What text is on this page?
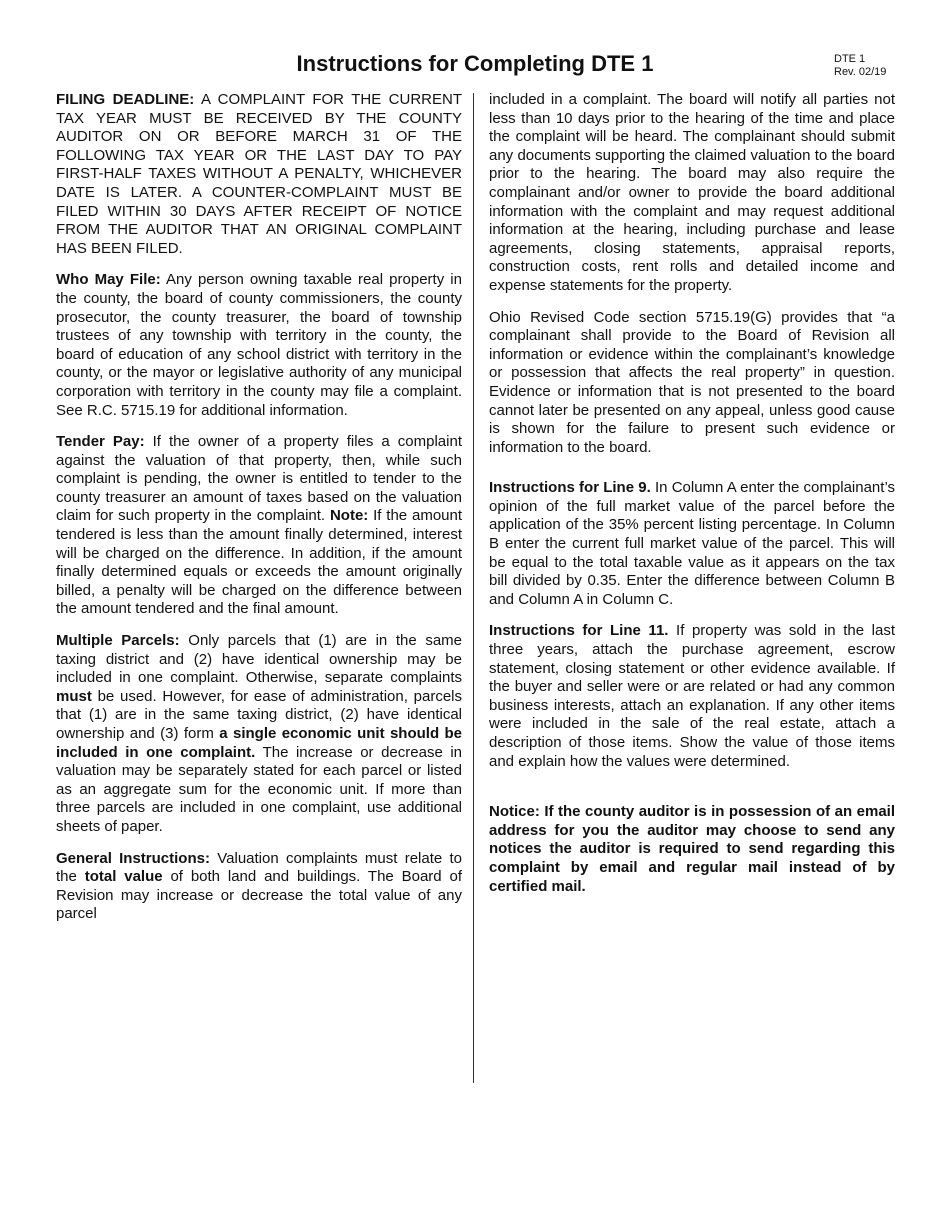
Instructions for Completing DTE 1	DTE 1
Rev. 02/19

FILING DEADLINE: A COMPLAINT FOR THE CURRENT TAX YEAR MUST BE RECEIVED BY THE COUNTY AUDITOR ON OR BEFORE MARCH 31 OF THE FOLLOWING TAX YEAR OR THE LAST DAY TO PAY FIRST-HALF TAXES WITHOUT A PENALTY, WHICHEVER DATE IS LATER. A COUNTER-COMPLAINT MUST BE FILED WITHIN 30 DAYS AFTER RECEIPT OF NOTICE FROM THE AUDITOR THAT AN ORIGINAL COMPLAINT HAS BEEN FILED.

Who May File: Any person owning taxable real property in the county, the board of county commissioners, the county prosecutor, the county treasurer, the board of township trustees of any township with territory in the county, the board of education of any school district with territory in the county, or the mayor or legislative authority of any municipal corporation with territory in the county may file a complaint. See R.C. 5715.19 for additional information.

Tender Pay: If the owner of a property files a complaint against the valuation of that property, then, while such complaint is pending, the owner is entitled to tender to the county treasurer an amount of taxes based on the valuation claim for such property in the complaint. Note: If the amount tendered is less than the amount finally determined, interest will be charged on the difference. In addition, if the amount finally determined equals or exceeds the amount originally billed, a penalty will be charged on the difference between the amount tendered and the final amount.

Multiple Parcels: Only parcels that (1) are in the same taxing district and (2) have identical ownership may be included in one complaint. Otherwise, separate complaints must be used. However, for ease of administration, parcels that (1) are in the same taxing district, (2) have identical ownership and (3) form a single economic unit should be included in one complaint. The increase or decrease in valuation may be separately stated for each parcel or listed as an aggregate sum for the economic unit. If more than three parcels are included in one complaint, use additional sheets of paper.

General Instructions: Valuation complaints must relate to the total value of both land and buildings. The Board of Revision may increase or decrease the total value of any parcel

included in a complaint. The board will notify all parties not less than 10 days prior to the hearing of the time and place the complaint will be heard. The complainant should submit any documents supporting the claimed valuation to the board prior to the hearing. The board may also require the complainant and/or owner to provide the board additional information with the complaint and may request additional information at the hearing, including purchase and lease agreements, closing statements, appraisal reports, construction costs, rent rolls and detailed income and expense statements for the property.

Ohio Revised Code section 5715.19(G) provides that “a complainant shall provide to the Board of Revision all information or evidence within the complainant’s knowledge or possession that affects the real property” in question. Evidence or information that is not presented to the board cannot later be presented on any appeal, unless good cause is shown for the failure to present such evidence or information to the board.

Instructions for Line 9. In Column A enter the complainant’s opinion of the full market value of the parcel before the application of the 35% percent listing percentage. In Column B enter the current full market value of the parcel. This will be equal to the total taxable value as it appears on the tax bill divided by 0.35. Enter the difference between Column B and Column A in Column C.

Instructions for Line 11. If property was sold in the last three years, attach the purchase agreement, escrow statement, closing statement or other evidence available. If the buyer and seller were or are related or had any common business interests, attach an explanation. If any other items were included in the sale of the real estate, attach a description of those items. Show the value of those items and explain how the values were determined.

Notice: If the county auditor is in possession of an email address for you the auditor may choose to send any notices the auditor is required to send regarding this complaint by email and regular mail instead of by certified mail.
